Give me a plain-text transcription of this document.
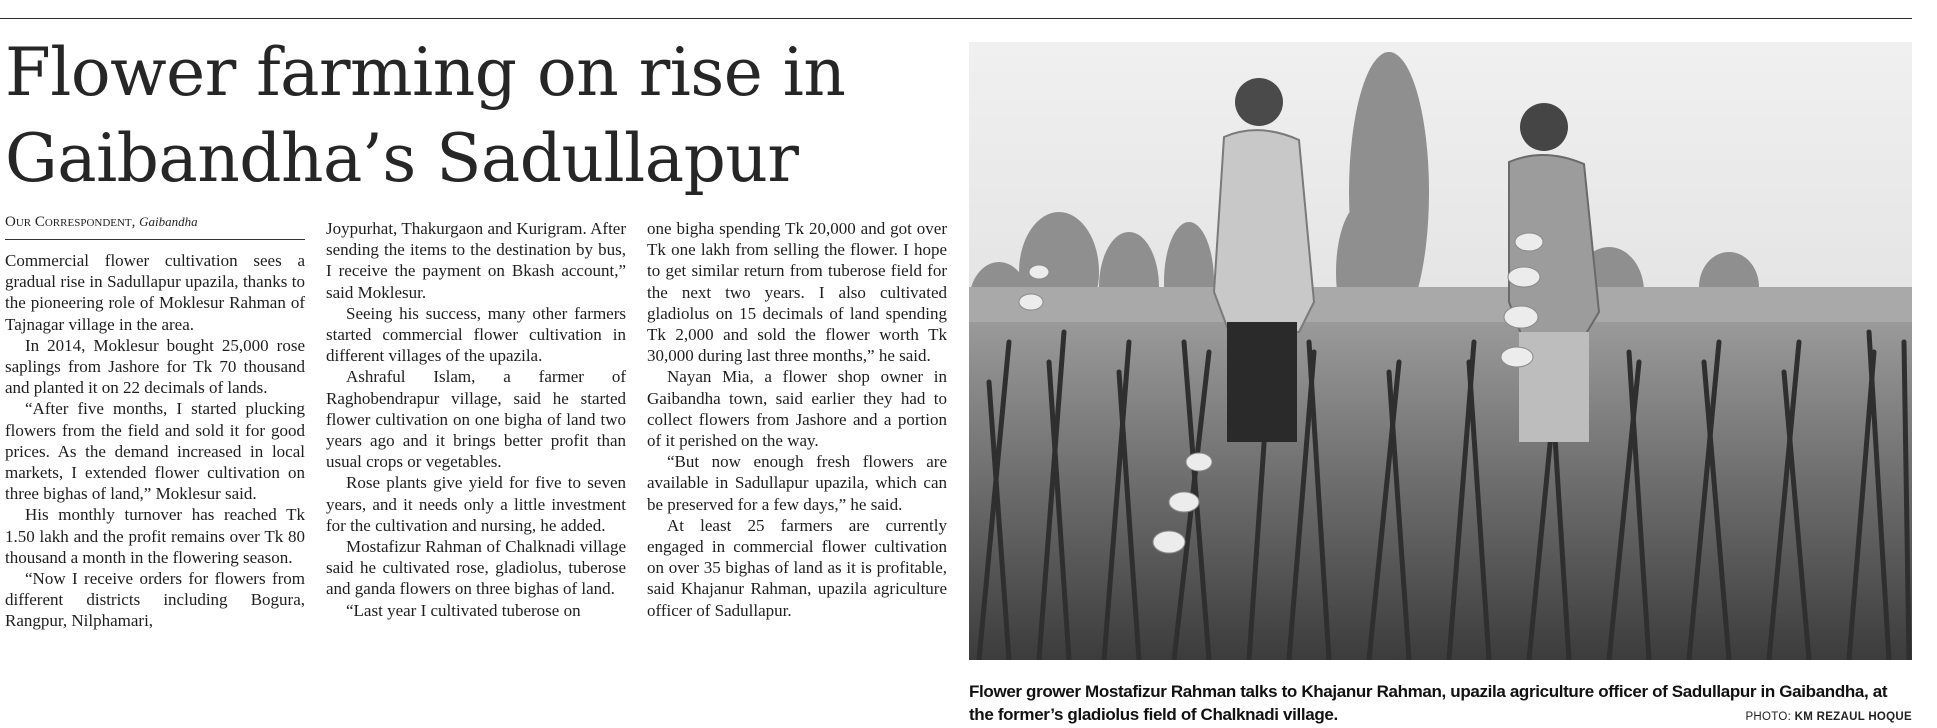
Flower farming on rise in Gaibandha’s Sadullapur
Our Correspondent, Gaibandha

Commercial flower cultivation sees a gradual rise in Sadullapur upazila, thanks to the pioneering role of Moklesur Rahman of Tajnagar village in the area.

In 2014, Moklesur bought 25,000 rose saplings from Jashore for Tk 70 thousand and planted it on 22 decimals of lands.

“After five months, I started plucking flowers from the field and sold it for good prices. As the demand increased in local markets, I extended flower cultivation on three bighas of land,” Moklesur said.

His monthly turnover has reached Tk 1.50 lakh and the profit remains over Tk 80 thousand a month in the flowering season.

“Now I receive orders for flowers from different districts including Bogura, Rangpur, Nilphamari,

Joypurhat, Thakurgaon and Kurigram. After sending the items to the destination by bus, I receive the payment on Bkash account,” said Moklesur.

Seeing his success, many other farmers started commercial flower cultivation in different villages of the upazila.

Ashraful Islam, a farmer of Raghobendrapur village, said he started flower cultivation on one bigha of land two years ago and it brings better profit than usual crops or vegetables.

Rose plants give yield for five to seven years, and it needs only a little investment for the cultivation and nursing, he added.

Mostafizur Rahman of Chalknadi village said he cultivated rose, gladiolus, tuberose and ganda flowers on three bighas of land.

“Last year I cultivated tuberose on

one bigha spending Tk 20,000 and got over Tk one lakh from selling the flower. I hope to get similar return from tuberose field for the next two years. I also cultivated gladiolus on 15 decimals of land spending Tk 2,000 and sold the flower worth Tk 30,000 during last three months,” he said.

Nayan Mia, a flower shop owner in Gaibandha town, said earlier they had to collect flowers from Jashore and a portion of it perished on the way.

“But now enough fresh flowers are available in Sadullapur upazila, which can be preserved for a few days,” he said.

At least 25 farmers are currently engaged in commercial flower cultivation on over 35 bighas of land as it is profitable, said Khajanur Rahman, upazila agriculture officer of Sadullapur.

Flower grower Mostafizur Rahman talks to Khajanur Rahman, upazila agriculture officer of Sadullapur in Gaibandha, at the former’s gladiolus field of Chalknadi village.	PHOTO: KM REZAUL HOQUE
